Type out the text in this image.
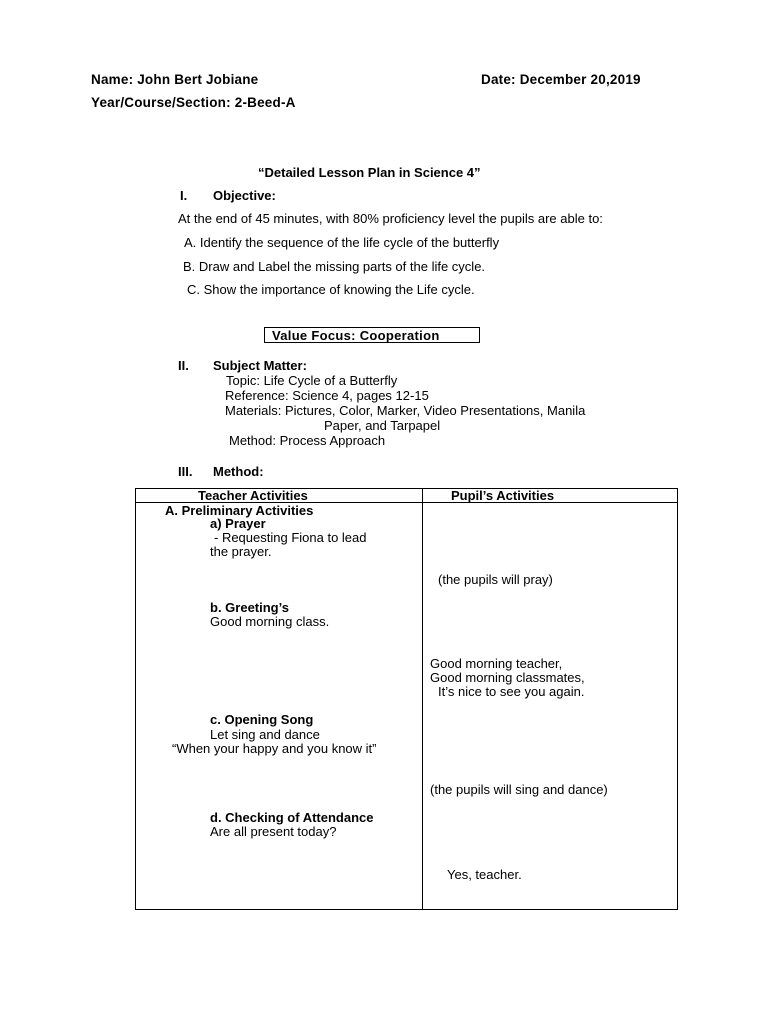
Name: John Bert Jobiane	Date: December 20,2019
Year/Course/Section: 2-Beed-A
“Detailed Lesson Plan in Science 4”
I. Objective:
At the end of 45 minutes, with 80% proficiency level the pupils are able to:
A. Identify the sequence of the life cycle of the butterfly
B. Draw and Label the missing parts of the life cycle.
C. Show the importance of knowing the Life cycle.
Value Focus: Cooperation
II. Subject Matter:
Topic: Life Cycle of a Butterfly
Reference: Science 4, pages 12-15
Materials: Pictures, Color, Marker, Video Presentations, Manila
Paper, and Tarpapel
Method: Process Approach
III. Method:
Teacher Activities	Pupil’s Activities
A. Preliminary Activities
a) Prayer
- Requesting Fiona to lead
the prayer.
(the pupils will pray)
b. Greeting’s
Good morning class.
Good morning teacher,
Good morning classmates,
It’s nice to see you again.
c. Opening Song
Let sing and dance
“When your happy and you know it”
(the pupils will sing and dance)
d. Checking of Attendance
Are all present today?
Yes, teacher.
